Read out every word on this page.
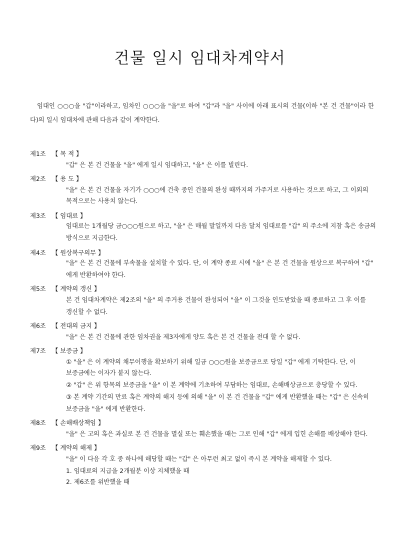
건물 일시 임대차계약서
임대인 ○○○을 "갑"이라하고, 임차인 ○○○을 "을"로 하여 "갑"과 "을" 사이에 아래 표시의 건물(이하 "본 건 건물"이라 한다)의 일시 임대차에 관해 다음과 같이 계약한다.
제1조 【 목 적 】
"갑" 은 본 건 건물을 "을" 에게 일시 임대하고, "을" 은 이를 빌린다.
제2조 【 용 도 】
"을" 은 본 건 건물을 자기가 ○○○에 건축 중인 건물의 완성 때까지의 가주거로 사용하는 것으로 하고, 그 이외의 목적으로는 사용치 않는다.
제3조 【 임대료 】
임대료는 1개월당 금○○○원으로 하고, "을" 은 매월 말일까지 다음 달치 임대료를 "갑" 의 주소에 지참 혹은 송금의 방식으로 지급한다.
제4조 【 원상복구의무 】
"을" 은 본 건 건물에 부속물을 설치할 수 있다. 단, 이 계약 종료 시에 "을" 은 본 건 건물을 원상으로 복구하여 "갑" 에게 반환하여야 한다.
제5조 【 계약의 갱신 】
본 건 임대차계약은 제2조의 "을" 의 주거용 건물이 완성되어 "을" 이 그것을 인도받았을 때 종료하고 그 후 이를 갱신할 수 없다.
제6조 【 전대의 금지 】
"을" 은 본 건 건물에 관한 임차권을 제3자에게 양도 혹은 본 건 건물을 전대 할 수 없다.
제7조 【 보증금 】
① "을" 은 이 계약의 채무이행을 확보하기 위해 일금 ○○○원을 보증금으로 당일 "갑" 에게 기탁한다. 단, 이 보증금에는 이자가 붙지 않는다.
② "갑" 은 위 항목의 보증금을 "을" 이 본 계약에 기초하여 부담하는 임대료, 손해배상금으로 충당할 수 있다.
③ 본 계약 기간의 만료 혹은 계약의 해지 등에 의해 "을" 이 본 건 건물을 "갑" 에게 반환했을 때는 "갑" 은 신속히 보증금을 "을" 에게 반환한다.
제8조 【 손해배상책임 】
"을" 은 고의 혹은 과실로 본 건 건물을 멸실 또는 훼손했을 때는 그로 인해 "갑" 에게 입힌 손해를 배상해야 한다.
제9조 【 계약의 해제 】
"을" 이 다음 각 호 중 하나에 해당할 때는 "갑" 은 아무런 최고 없이 즉시 본 계약을 해제할 수 있다.
1. 임대료의 지급을 2개월분 이상 지체했을 때
2. 제6조를 위반했을 때
